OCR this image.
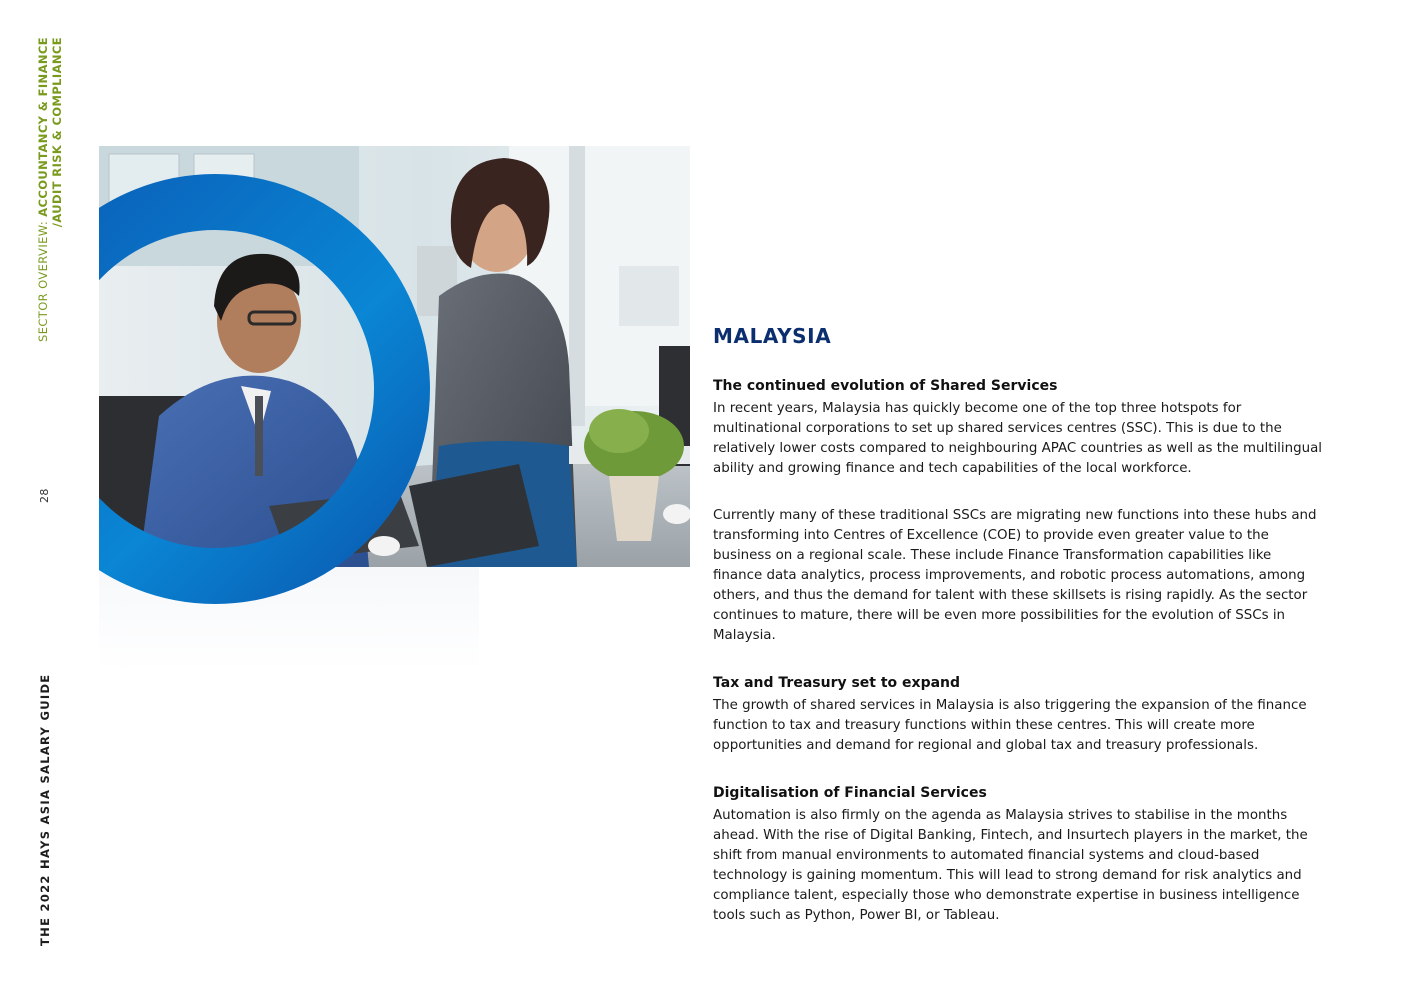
SECTOR OVERVIEW: ACCOUNTANCY & FINANCE /AUDIT RISK & COMPLIANCE
28
THE 2022 HAYS ASIA SALARY GUIDE
MALAYSIA
The continued evolution of Shared Services

In recent years, Malaysia has quickly become one of the top three hotspots for multinational corporations to set up shared services centres (SSC). This is due to the relatively lower costs compared to neighbouring APAC countries as well as the multilingual ability and growing finance and tech capabilities of the local workforce.

Currently many of these traditional SSCs are migrating new functions into these hubs and transforming into Centres of Excellence (COE) to provide even greater value to the business on a regional scale. These include Finance Transformation capabilities like finance data analytics, process improvements, and robotic process automations, among others, and thus the demand for talent with these skillsets is rising rapidly. As the sector continues to mature, there will be even more possibilities for the evolution of SSCs in Malaysia.

Tax and Treasury set to expand

The growth of shared services in Malaysia is also triggering the expansion of the finance function to tax and treasury functions within these centres. This will create more opportunities and demand for regional and global tax and treasury professionals.

Digitalisation of Financial Services

Automation is also firmly on the agenda as Malaysia strives to stabilise in the months ahead. With the rise of Digital Banking, Fintech, and Insurtech players in the market, the shift from manual environments to automated financial systems and cloud-based technology is gaining momentum. This will lead to strong demand for risk analytics and compliance talent, especially those who demonstrate expertise in business intelligence tools such as Python, Power BI, or Tableau.
